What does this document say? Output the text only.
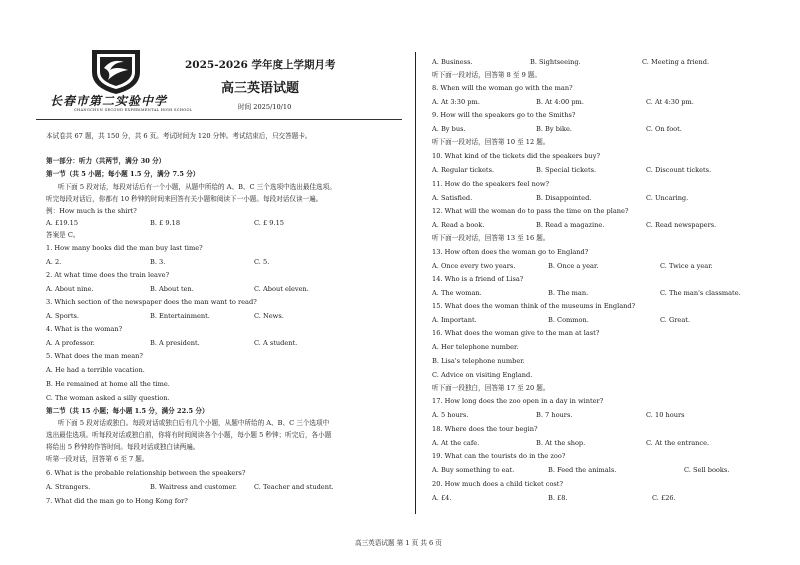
长春市第二实验中学
CHANGCHUN SECOND EXPERIMENTAL HIGH SCHOOL
2025-2026 学年度上学期月考
高三英语试题
时间 2025/10/10
本试卷共 67 题，共 150 分，共 6 页。考试时间为 120 分钟。考试结束后，只交答题卡。
第一部分：听力（共两节，满分 30 分）
第一节（共 5 小题；每小题 1.5 分，满分 7.5 分）
听下面 5 段对话，每段对话后有一个小题，从题中所给的 A、B、C 三个选项中选出最佳选项。
听完每段对话后，你都有 10 秒钟的时间来回答有关小题和阅读下一小题。每段对话仅读一遍。
例：How much is the shirt?
A. £19.15	B. £ 9.18	C. £ 9.15
答案是 C。
1. How many books did the man buy last time?
A. 2.	B. 3.	C. 5.
2. At what time does the train leave?
A. About nine.	B. About ten.	C. About eleven.
3. Which section of the newspaper does the man want to read?
A. Sports.	B. Entertainment.	C. News.
4. What is the woman?
A. A professor.	B. A president.	C. A student.
5. What does the man mean?
A. He had a terrible vacation.
B. He remained at home all the time.
C. The woman asked a silly question.
第二节（共 15 小题；每小题 1.5 分，满分 22.5 分）
听下面 5 段对话或独白。每段对话或独白后有几个小题，从题中所给的 A、B、C 三个选项中
选出最佳选项。听每段对话或独白前，你将有时间阅读各个小题，每小题 5 秒钟；听完后，各小题
将给出 5 秒钟的作答时间。每段对话或独白读两遍。
听第一段对话，回答第 6 至 7 题。
6. What is the probable relationship between the speakers?
A. Strangers.	B. Waitress and customer.	C. Teacher and student.
7. What did the man go to Hong Kong for?
A. Business.	B. Sightseeing.	C. Meeting a friend.
听下面一段对话，回答第 8 至 9 题。
8. When will the woman go with the man?
A. At 3:30 pm.	B. At 4:00 pm.	C. At 4:30 pm.
9. How will the speakers go to the Smiths?
A. By bus.	B. By bike.	C. On foot.
听下面一段对话，回答第 10 至 12 题。
10. What kind of the tickets did the speakers buy?
A. Regular tickets.	B. Special tickets.	C. Discount tickets.
11. How do the speakers feel now?
A. Satisfied.	B. Disappointed.	C. Uncaring.
12. What will the woman do to pass the time on the plane?
A. Read a book.	B. Read a magazine.	C. Read newspapers.
听下面一段对话，回答第 13 至 16 题。
13. How often does the woman go to England?
A. Once every two years.	B. Once a year.	C. Twice a year.
14. Who is a friend of Lisa?
A. The woman.	B. The man.	C. The man's classmate.
15. What does the woman think of the museums in England?
A. Important.	B. Common.	C. Great.
16. What does the woman give to the man at last?
A. Her telephone number.
B. Lisa's telephone number.
C. Advice on visiting England.
听下面一段独白，回答第 17 至 20 题。
17. How long does the zoo open in a day in winter?
A. 5 hours.	B. 7 hours.	C. 10 hours
18. Where does the tour begin?
A. At the cafe.	B. At the shop.	C. At the entrance.
19. What can the tourists do in the zoo?
A. Buy something to eat.	B. Feed the animals.	C. Sell books.
20. How much does a child ticket cost?
A. £4.	B. £8.	C. £26.
高三英语试题 第 1 页 共 6 页
